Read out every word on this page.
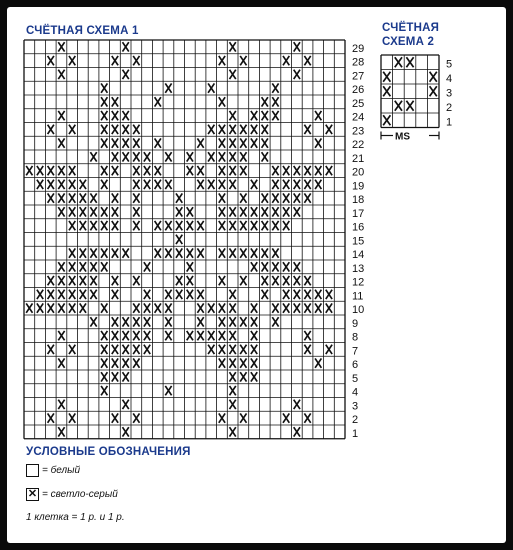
СЧЁТНАЯ СХЕМА 1	СЧЁТНАЯ
СХЕМА 2
29
28
27
26
25
24
23
22
21
20
19
18
17
16
15
14
13
12
11
10
9
8
7
6
5
4
3
2
1
5
4
3
2
1
MS
УСЛОВНЫЕ ОБОЗНАЧЕНИЯ
= белый
✕ = светло-серый
1 клетка = 1 р. и 1 р.
